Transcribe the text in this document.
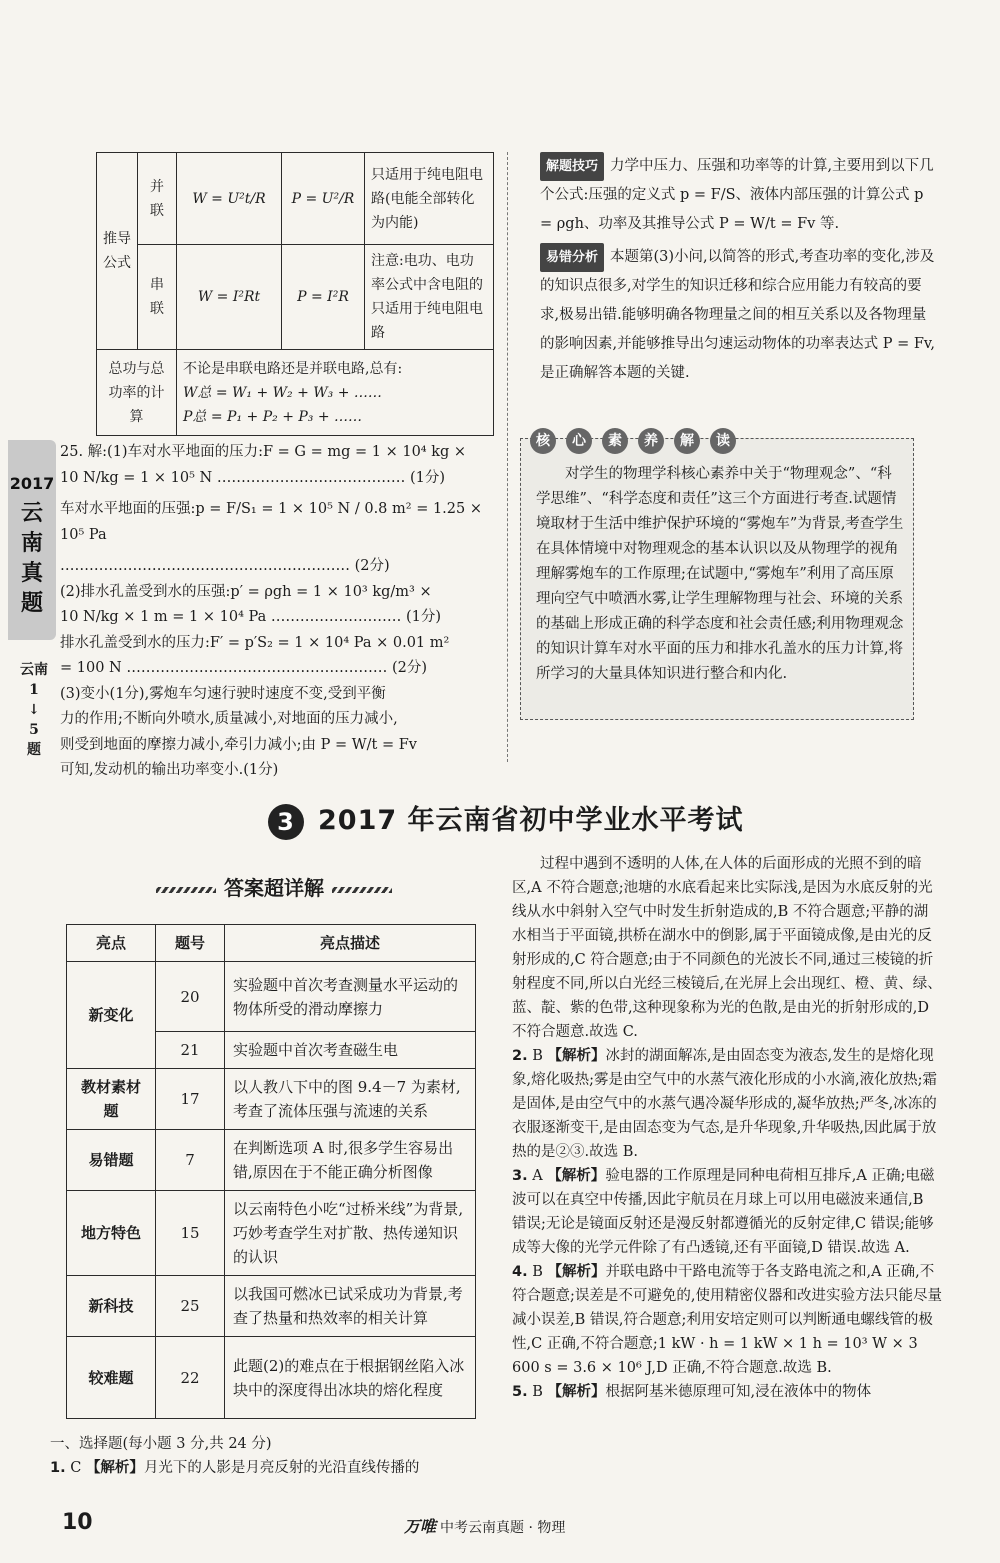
推导公式	并联	W = U²t/R	P = U²/R	只适用于纯电阻电路(电能全部转化为内能)
	串联	W = I²Rt	P = I²R	注意:电功、电功率公式中含电阻的只适用于纯电阻电路
总功与总功率的计算		不论是串联电路还是并联电路,总有:
W总 = W₁ + W₂ + W₃ + ……
P总 = P₁ + P₂ + P₃ + ……		
2017
云
南
真
题
云南
1
↓
5
题
25. 解:(1)车对水平地面的压力:F = G = mg = 1 × 10⁴ kg ×
10 N/kg = 1 × 10⁵ N ………………………………… (1分)
车对水平地面的压强:p = F/S₁ = 1 × 10⁵ N / 0.8 m² = 1.25 × 10⁵ Pa
…………………………………………………… (2分)
(2)排水孔盖受到水的压强:p′ = ρgh = 1 × 10³ kg/m³ ×
10 N/kg × 1 m = 1 × 10⁴ Pa ……………………… (1分)
排水孔盖受到水的压力:F′ = p′S₂ = 1 × 10⁴ Pa × 0.01 m²
= 100 N ……………………………………………… (2分)
(3)变小(1分),雾炮车匀速行驶时速度不变,受到平衡
力的作用;不断向外喷水,质量减小,对地面的压力减小,
则受到地面的摩擦力减小,牵引力减小;由 P = W/t = Fv
可知,发动机的输出功率变小.(1分)
解题技巧 力学中压力、压强和功率等的计算,主要用到以下几个公式:压强的定义式 p = F/S、液体内部压强的计算公式 p = ρgh、功率及其推导公式 P = W/t = Fv 等.
易错分析 本题第(3)小问,以简答的形式,考查功率的变化,涉及的知识点很多,对学生的知识迁移和综合应用能力有较高的要求,极易出错.能够明确各物理量之间的相互关系以及各物理量的影响因素,并能够推导出匀速运动物体的功率表达式 P = Fv,是正确解答本题的关键.
核 心 素 养 解 读
对学生的物理学科核心素养中关于“物理观念”、“科学思维”、“科学态度和责任”这三个方面进行考查.试题情境取材于生活中维护保护环境的“雾炮车”为背景,考查学生在具体情境中对物理观念的基本认识以及从物理学的视角理解雾炮车的工作原理;在试题中,“雾炮车”利用了高压原理向空气中喷洒水雾,让学生理解物理与社会、环境的关系的基础上形成正确的科学态度和社会责任感;利用物理观念的知识计算车对水平面的压力和排水孔盖水的压力计算,将所学习的大量具体知识进行整合和内化.
3 2017 年云南省初中学业水平考试
答案超详解
亮点	题号	亮点描述
新变化	20	实验题中首次考查测量水平运动的物体所受的滑动摩擦力
	21	实验题中首次考查磁生电
教材素材题	17	以人教八下中的图 9.4－7 为素材,考查了流体压强与流速的关系
易错题	7	在判断选项 A 时,很多学生容易出错,原因在于不能正确分析图像
地方特色	15	以云南特色小吃“过桥米线”为背景,巧妙考查学生对扩散、热传递知识的认识
新科技	25	以我国可燃冰已试采成功为背景,考查了热量和热效率的相关计算
较难题	22	此题(2)的难点在于根据钢丝陷入冰块中的深度得出冰块的熔化程度
一、选择题(每小题 3 分,共 24 分)
1. C 【解析】月光下的人影是月亮反射的光沿直线传播的
过程中遇到不透明的人体,在人体的后面形成的光照不到的暗区,A 不符合题意;池塘的水底看起来比实际浅,是因为水底反射的光线从水中斜射入空气中时发生折射造成的,B 不符合题意;平静的湖水相当于平面镜,拱桥在湖水中的倒影,属于平面镜成像,是由光的反射形成的,C 符合题意;由于不同颜色的光波长不同,通过三棱镜的折射程度不同,所以白光经三棱镜后,在光屏上会出现红、橙、黄、绿、蓝、靛、紫的色带,这种现象称为光的色散,是由光的折射形成的,D 不符合题意.故选 C.
2. B 【解析】冰封的湖面解冻,是由固态变为液态,发生的是熔化现象,熔化吸热;雾是由空气中的水蒸气液化形成的小水滴,液化放热;霜是固体,是由空气中的水蒸气遇冷凝华形成的,凝华放热;严冬,冰冻的衣服逐渐变干,是由固态变为气态,是升华现象,升华吸热,因此属于放热的是②③.故选 B.
3. A 【解析】验电器的工作原理是同种电荷相互排斥,A 正确;电磁波可以在真空中传播,因此宇航员在月球上可以用电磁波来通信,B 错误;无论是镜面反射还是漫反射都遵循光的反射定律,C 错误;能够成等大像的光学元件除了有凸透镜,还有平面镜,D 错误.故选 A.
4. B 【解析】并联电路中干路电流等于各支路电流之和,A 正确,不符合题意;误差是不可避免的,使用精密仪器和改进实验方法只能尽量减小误差,B 错误,符合题意;利用安培定则可以判断通电螺线管的极性,C 正确,不符合题意;1 kW · h = 1 kW × 1 h = 10³ W × 3 600 s = 3.6 × 10⁶ J,D 正确,不符合题意.故选 B.
5. B 【解析】根据阿基米德原理可知,浸在液体中的物体
10	万唯 中考云南真题 · 物理
